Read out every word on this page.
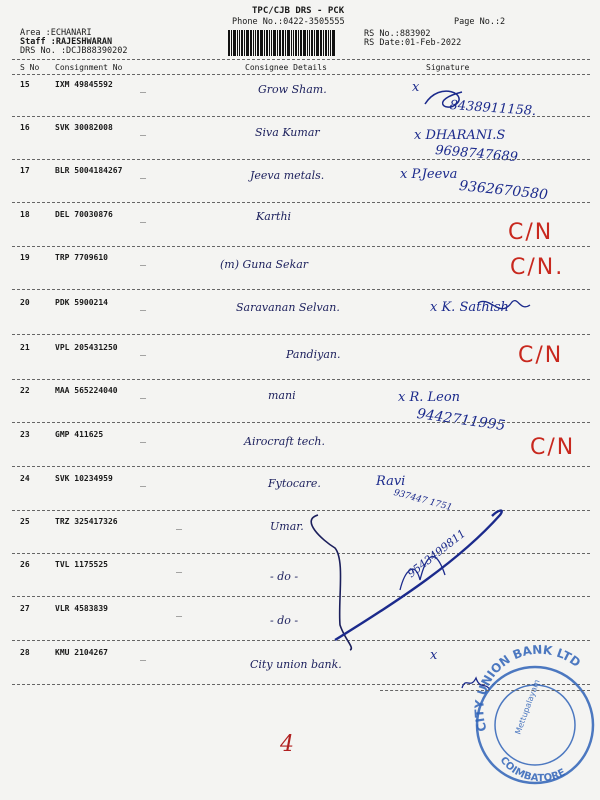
TPC/CJB DRS - PCK
Phone No.:0422-3505555	Page No.:2
Area :ECHANARI
Staff :RAJESHWARAN
DRS No. :DCJB88390202
RS No.:883902
RS Date:01-Feb-2022
S No Consignment No	Consignee Details	Signature
15	IXM 49845592	_	Grow Sham.	x
8438911158.
16	SVK 30082008	_	Siva Kumar	x DHARANI.S
9698747689
17	BLR 5004184267 _	Jeeva metals.	x P.Jeeva
9362670580
18	DEL 70030876	_	Karthi
C/N
19	TRP 7709610	_	(m) Guna Sekar	C/N.
20	PDK 5900214	_	Saravanan Selvan.	x K. Sathish
21	VPL 205431250 _	Pandiyan.	C/N
22	MAA 565224040 _	mani	x R. Leon
9442711995
23	GMP 411625	_	Airocraft tech.	C/N
24	SVK 10234959	_	Fytocare.	Ravi
937447 1751
25	TRZ 325417326	_	Umar.
26	TVL 1175525	_
- do -	9543499811
27	VLR 4583839	_
- do -
28	KMU 2104267	_
City union bank.
x
CITY UNION BANK LTD
COIMBATORE
Mettupalayam
4
